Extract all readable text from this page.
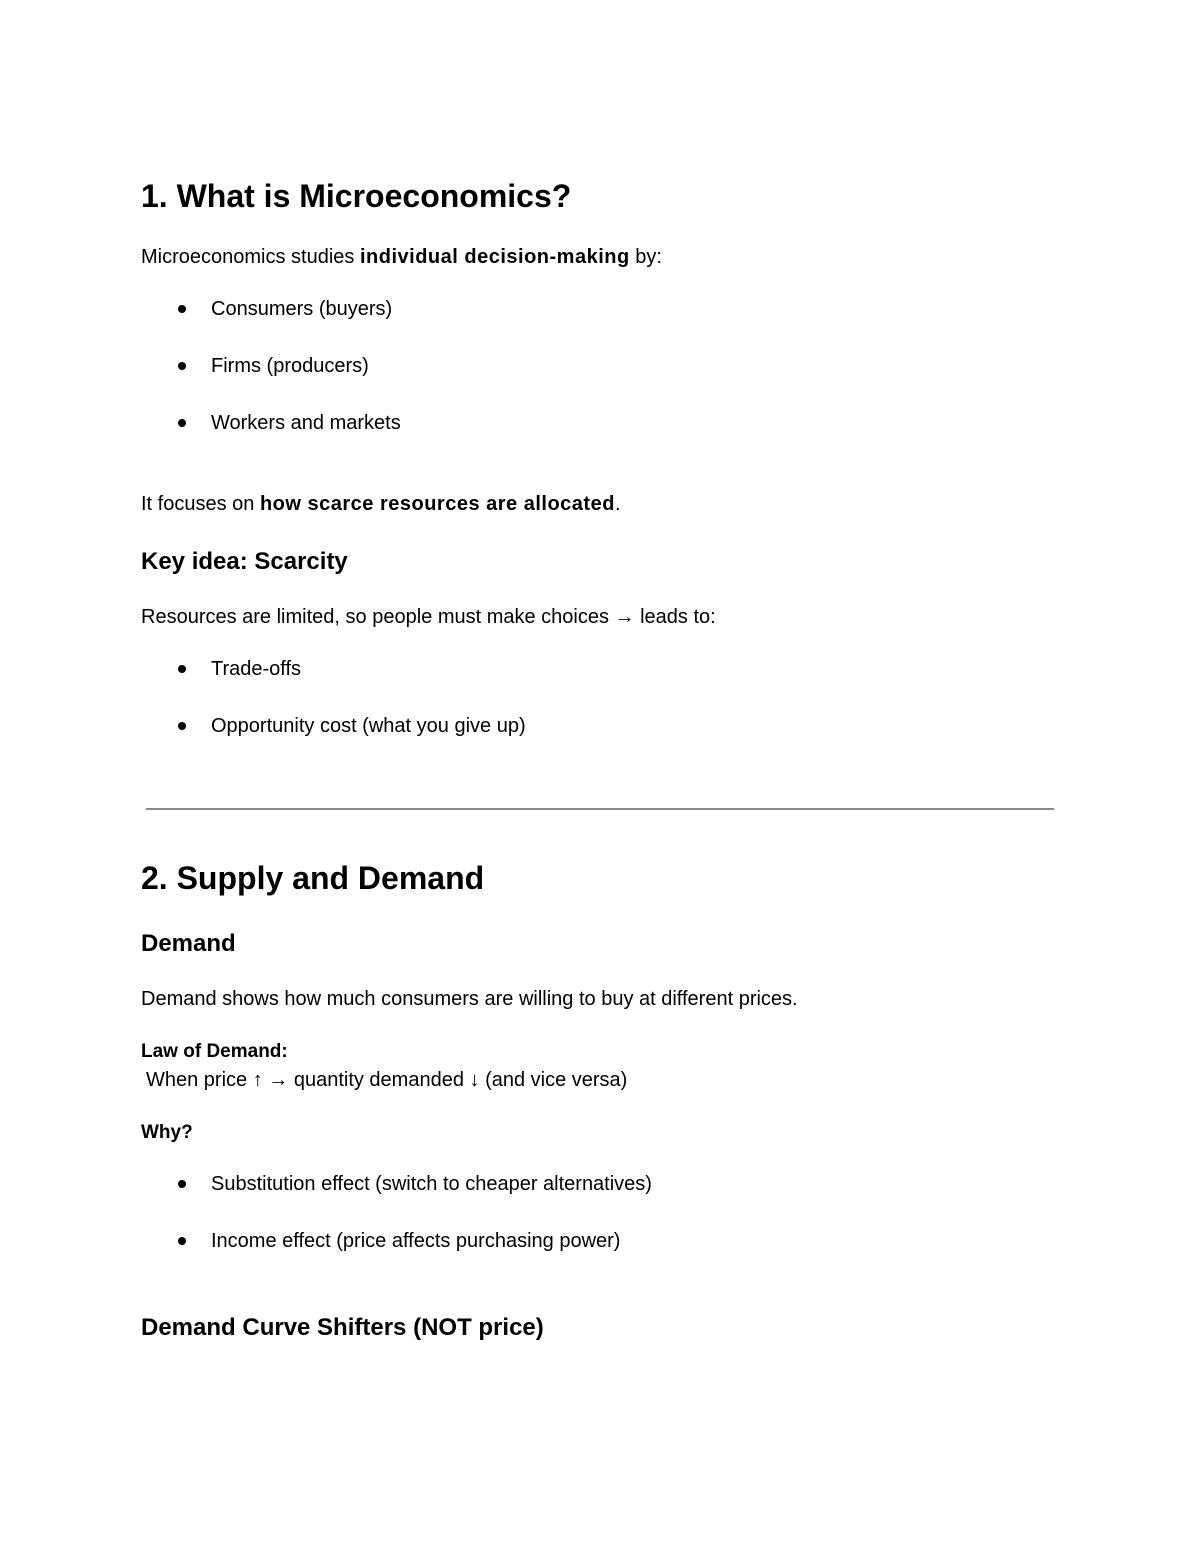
1. What is Microeconomics?

Microeconomics studies individual decision-making by:

Consumers (buyers)
Firms (producers)
Workers and markets

It focuses on how scarce resources are allocated.

Key idea: Scarcity

Resources are limited, so people must make choices → leads to:

Trade-offs
Opportunity cost (what you give up)
2. Supply and Demand
Demand

Demand shows how much consumers are willing to buy at different prices.

Law of Demand:

When price ↑ → quantity demanded ↓ (and vice versa)

Why?
Substitution effect (switch to cheaper alternatives)
Income effect (price affects purchasing power)
Demand Curve Shifters (NOT price)
